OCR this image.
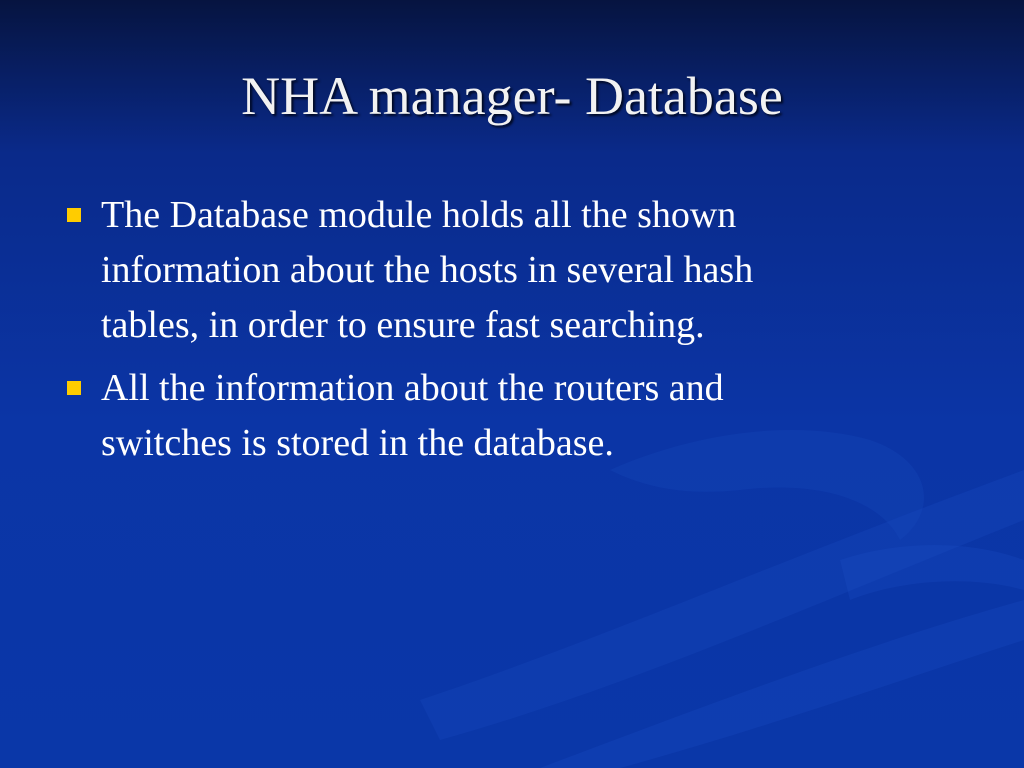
NHA manager- Database
The Database module holds all the shown
information about the hosts in several hash
tables, in order to ensure fast searching.
All the information about the routers and
switches is stored in the database.
